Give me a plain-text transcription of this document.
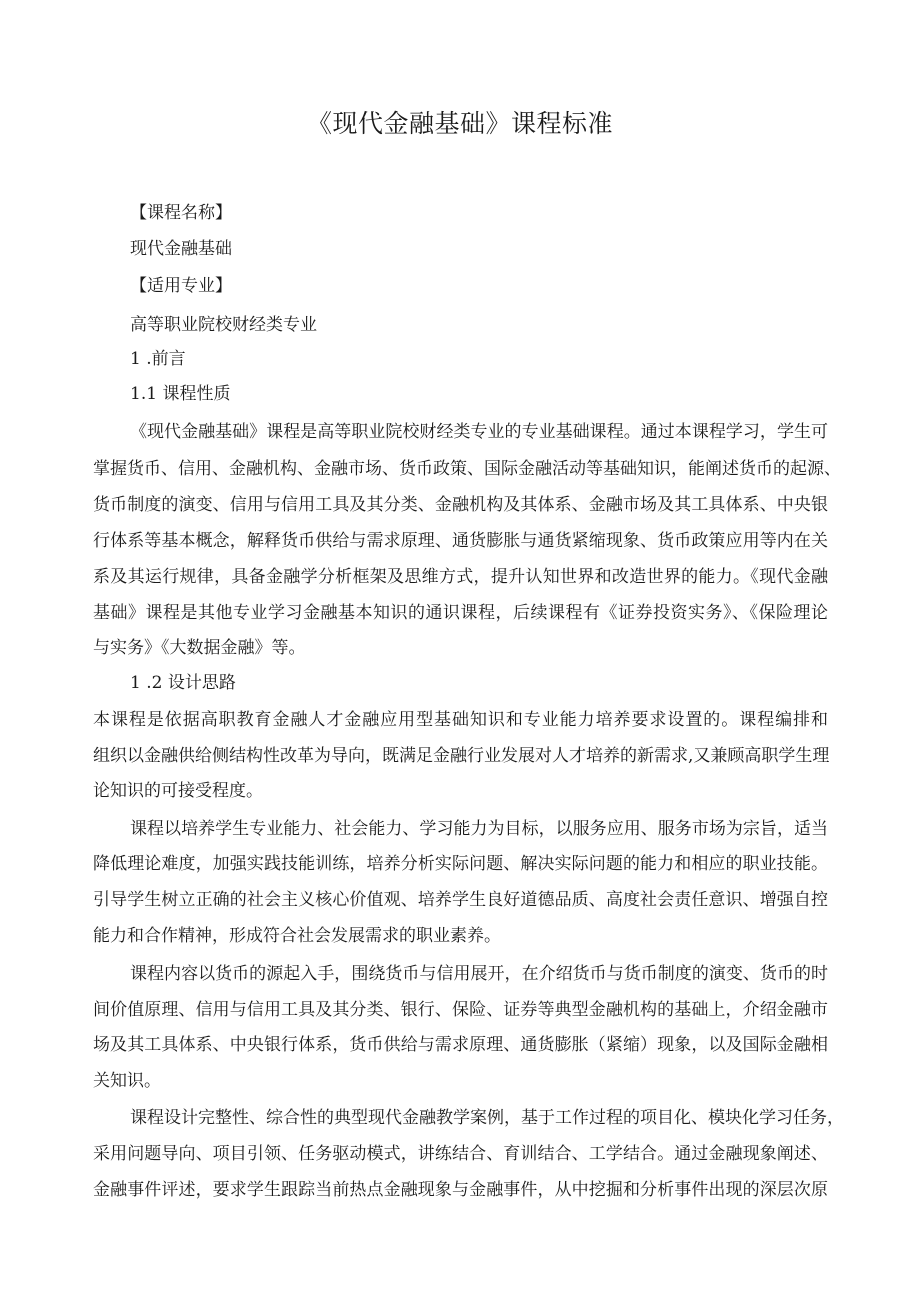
《现代金融基础》课程标准
【课程名称】
现代金融基础
【适用专业】
高等职业院校财经类专业
1 .前言
1.1 课程性质
《现代金融基础》课程是高等职业院校财经类专业的专业基础课程。通过本课程学习，学生可
掌握货币、信用、金融机构、金融市场、货币政策、国际金融活动等基础知识，能阐述货币的起源、
货币制度的演变、信用与信用工具及其分类、金融机构及其体系、金融市场及其工具体系、中央银
行体系等基本概念，解释货币供给与需求原理、通货膨胀与通货紧缩现象、货币政策应用等内在关
系及其运行规律，具备金融学分析框架及思维方式，提升认知世界和改造世界的能力。《现代金融
基础》课程是其他专业学习金融基本知识的通识课程，后续课程有《证券投资实务》、《保险理论
与实务》《大数据金融》等。
1 .2 设计思路
本课程是依据高职教育金融人才金融应用型基础知识和专业能力培养要求设置的。课程编排和
组织以金融供给侧结构性改革为导向，既满足金融行业发展对人才培养的新需求,又兼顾高职学生理
论知识的可接受程度。
课程以培养学生专业能力、社会能力、学习能力为目标，以服务应用、服务市场为宗旨，适当
降低理论难度，加强实践技能训练，培养分析实际问题、解决实际问题的能力和相应的职业技能。
引导学生树立正确的社会主义核心价值观、培养学生良好道德品质、高度社会责任意识、增强自控
能力和合作精神，形成符合社会发展需求的职业素养。
课程内容以货币的源起入手，围绕货币与信用展开，在介绍货币与货币制度的演变、货币的时
间价值原理、信用与信用工具及其分类、银行、保险、证券等典型金融机构的基础上，介绍金融市
场及其工具体系、中央银行体系，货币供给与需求原理、通货膨胀（紧缩）现象，以及国际金融相
关知识。
课程设计完整性、综合性的典型现代金融教学案例，基于工作过程的项目化、模块化学习任务，
采用问题导向、项目引领、任务驱动模式，讲练结合、育训结合、工学结合。通过金融现象阐述、
金融事件评述，要求学生跟踪当前热点金融现象与金融事件，从中挖掘和分析事件出现的深层次原
